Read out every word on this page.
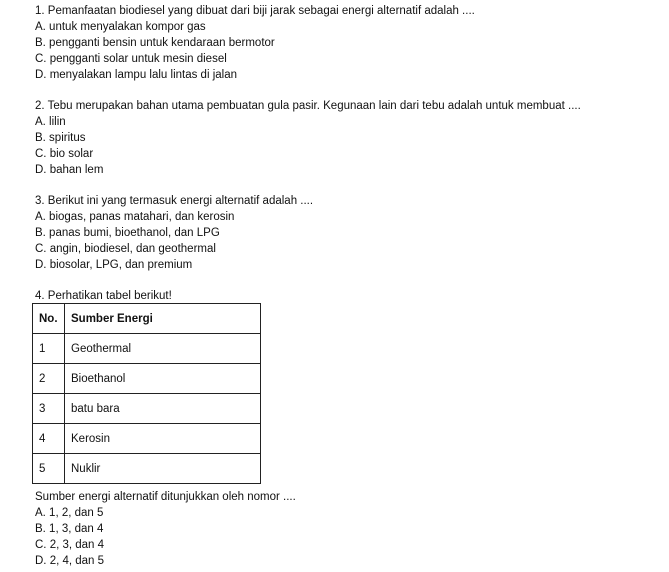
1. Pemanfaatan biodiesel yang dibuat dari biji jarak sebagai energi alternatif adalah ....
A. untuk menyalakan kompor gas
B. pengganti bensin untuk kendaraan bermotor
C. pengganti solar untuk mesin diesel
D. menyalakan lampu lalu lintas di jalan
2. Tebu merupakan bahan utama pembuatan gula pasir. Kegunaan lain dari tebu adalah untuk membuat ....
A. lilin
B. spiritus
C. bio solar
D. bahan lem
3. Berikut ini yang termasuk energi alternatif adalah ....
A. biogas, panas matahari, dan kerosin
B. panas bumi, bioethanol, dan LPG
C. angin, biodiesel, dan geothermal
D. biosolar, LPG, dan premium
4. Perhatikan tabel berikut!
No.	Sumber Energi
1	Geothermal
2	Bioethanol
3	batu bara
4	Kerosin
5	Nuklir
Sumber energi alternatif ditunjukkan oleh nomor ....
A. 1, 2, dan 5
B. 1, 3, dan 4
C. 2, 3, dan 4
D. 2, 4, dan 5
